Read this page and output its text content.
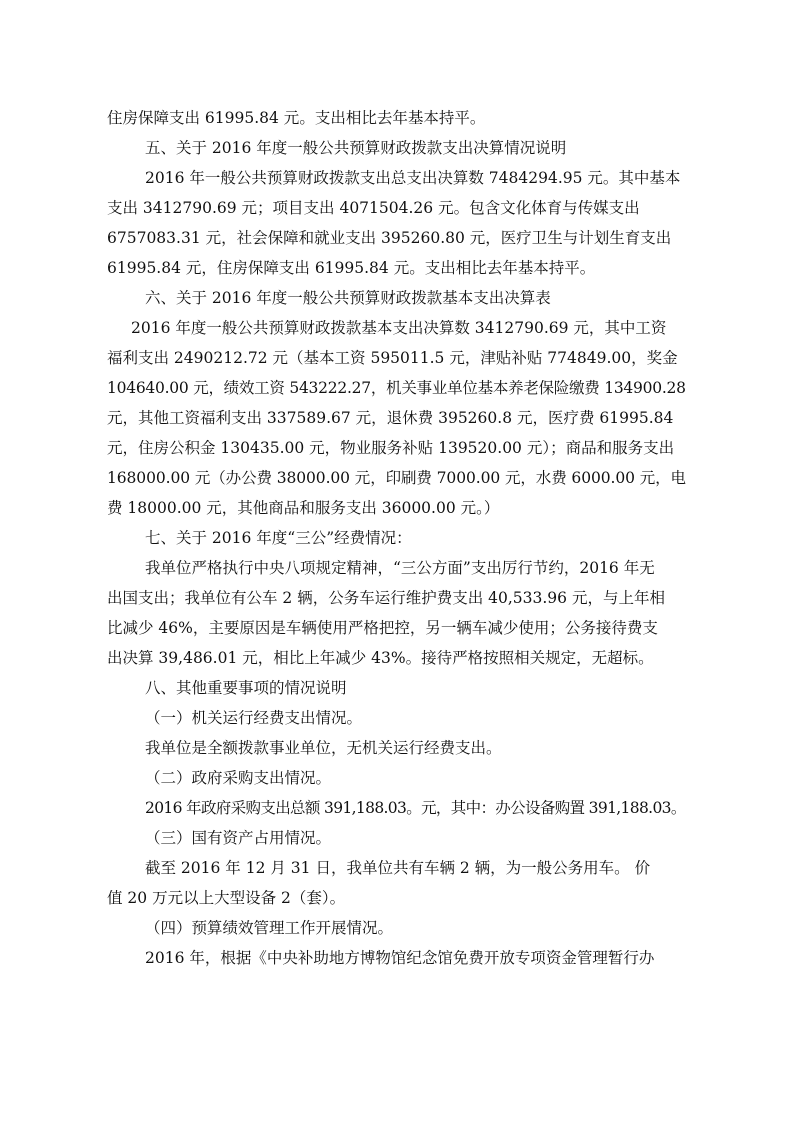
住房保障支出 61995.84 元。支出相比去年基本持平。
五、关于 2016 年度一般公共预算财政拨款支出决算情况说明
2016 年一般公共预算财政拨款支出总支出决算数 7484294.95 元。其中基本
支出 3412790.69 元；项目支出 4071504.26 元。包含文化体育与传媒支出
6757083.31 元，社会保障和就业支出 395260.80 元，医疗卫生与计划生育支出
61995.84 元，住房保障支出 61995.84 元。支出相比去年基本持平。
六、关于 2016 年度一般公共预算财政拨款基本支出决算表
2016 年度一般公共预算财政拨款基本支出决算数 3412790.69 元，其中工资
福利支出 2490212.72 元（基本工资 595011.5 元，津贴补贴 774849.00，奖金
104640.00 元，绩效工资 543222.27，机关事业单位基本养老保险缴费 134900.28
元，其他工资福利支出 337589.67 元，退休费 395260.8 元，医疗费 61995.84
元，住房公积金 130435.00 元，物业服务补贴 139520.00 元）；商品和服务支出
168000.00 元（办公费 38000.00 元，印刷费 7000.00 元，水费 6000.00 元，电
费 18000.00 元，其他商品和服务支出 36000.00 元。）
七、关于 2016 年度“三公”经费情况：
我单位严格执行中央八项规定精神，“三公方面”支出厉行节约，2016 年无
出国支出；我单位有公车 2 辆，公务车运行维护费支出 40,533.96 元，与上年相
比减少 46%，主要原因是车辆使用严格把控，另一辆车减少使用；公务接待费支
出决算 39,486.01 元，相比上年减少 43%。接待严格按照相关规定，无超标。
八、其他重要事项的情况说明
（一）机关运行经费支出情况。
我单位是全额拨款事业单位，无机关运行经费支出。
（二）政府采购支出情况。
2016 年政府采购支出总额 391,188.03。元，其中：办公设备购置 391,188.03。
（三）国有资产占用情况。
截至 2016 年 12 月 31 日，我单位共有车辆 2 辆，为一般公务用车。 价
值 20 万元以上大型设备 2（套）。
（四）预算绩效管理工作开展情况。
2016 年，根据《中央补助地方博物馆纪念馆免费开放专项资金管理暂行办
